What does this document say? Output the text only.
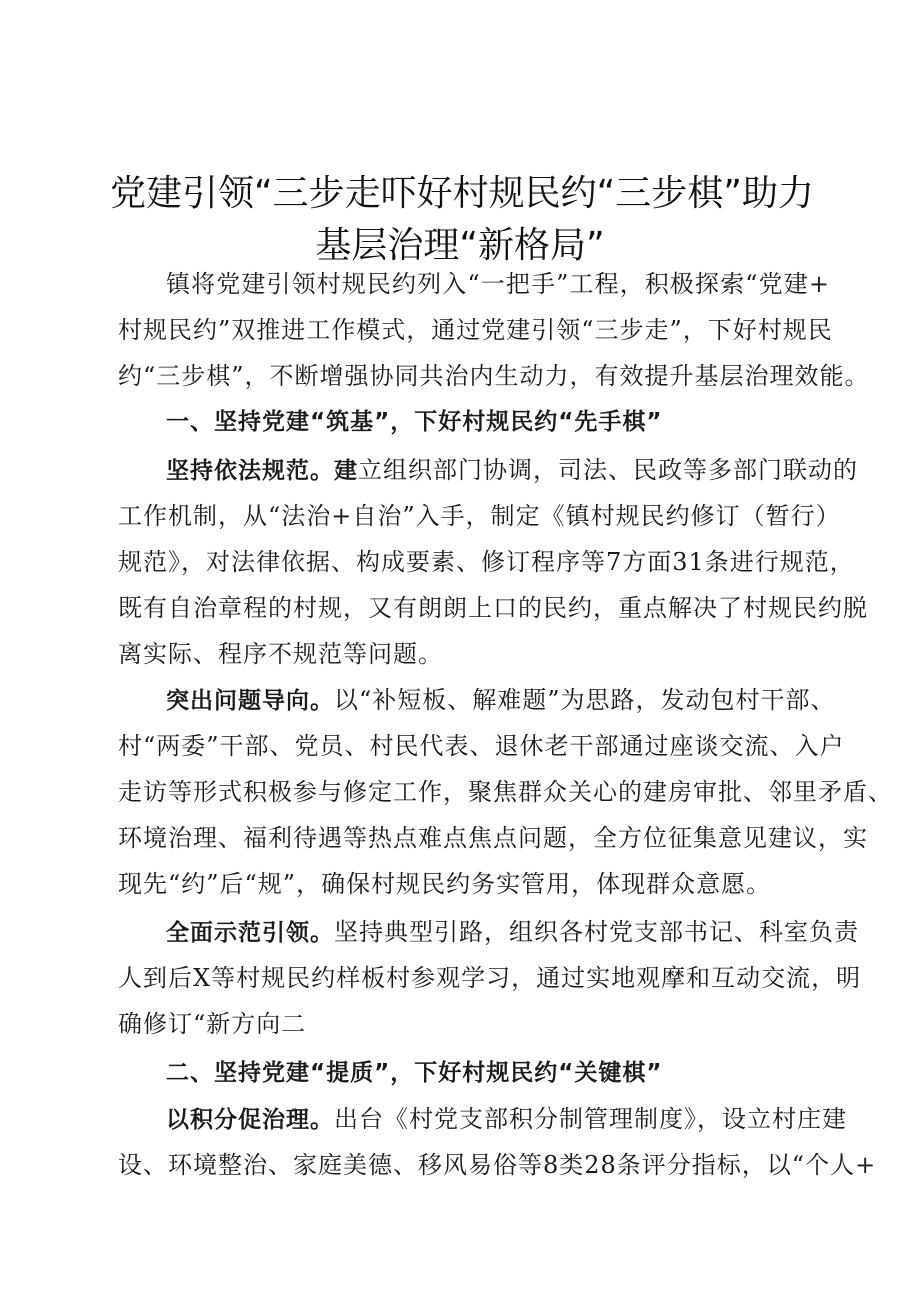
党建引领“三步走吓好村规民约“三步棋”助力
基层治理“新格局”
镇将党建引领村规民约列入“一把手”工程，积极探索“党建+
村规民约”双推进工作模式，通过党建引领“三步走”，下好村规民
约“三步棋”，不断增强协同共治内生动力，有效提升基层治理效能。
一、坚持党建“筑基”，下好村规民约“先手棋”
坚持依法规范。建立组织部门协调，司法、民政等多部门联动的
工作机制，从“法治+自治”入手，制定《镇村规民约修订（暂行）
规范》，对法律依据、构成要素、修订程序等7方面31条进行规范，
既有自治章程的村规，又有朗朗上口的民约，重点解决了村规民约脱
离实际、程序不规范等问题。
突出问题导向。以“补短板、解难题”为思路，发动包村干部、
村“两委”干部、党员、村民代表、退休老干部通过座谈交流、入户
走访等形式积极参与修定工作，聚焦群众关心的建房审批、邻里矛盾、
环境治理、福利待遇等热点难点焦点问题，全方位征集意见建议，实
现先“约”后“规”，确保村规民约务实管用，体现群众意愿。
全面示范引领。坚持典型引路，组织各村党支部书记、科室负责
人到后X等村规民约样板村参观学习，通过实地观摩和互动交流，明
确修订“新方向二
二、坚持党建“提质”，下好村规民约“关键棋”
以积分促治理。出台《村党支部积分制管理制度》，设立村庄建
设、环境整治、家庭美德、移风易俗等8类28条评分指标，以“个人+
